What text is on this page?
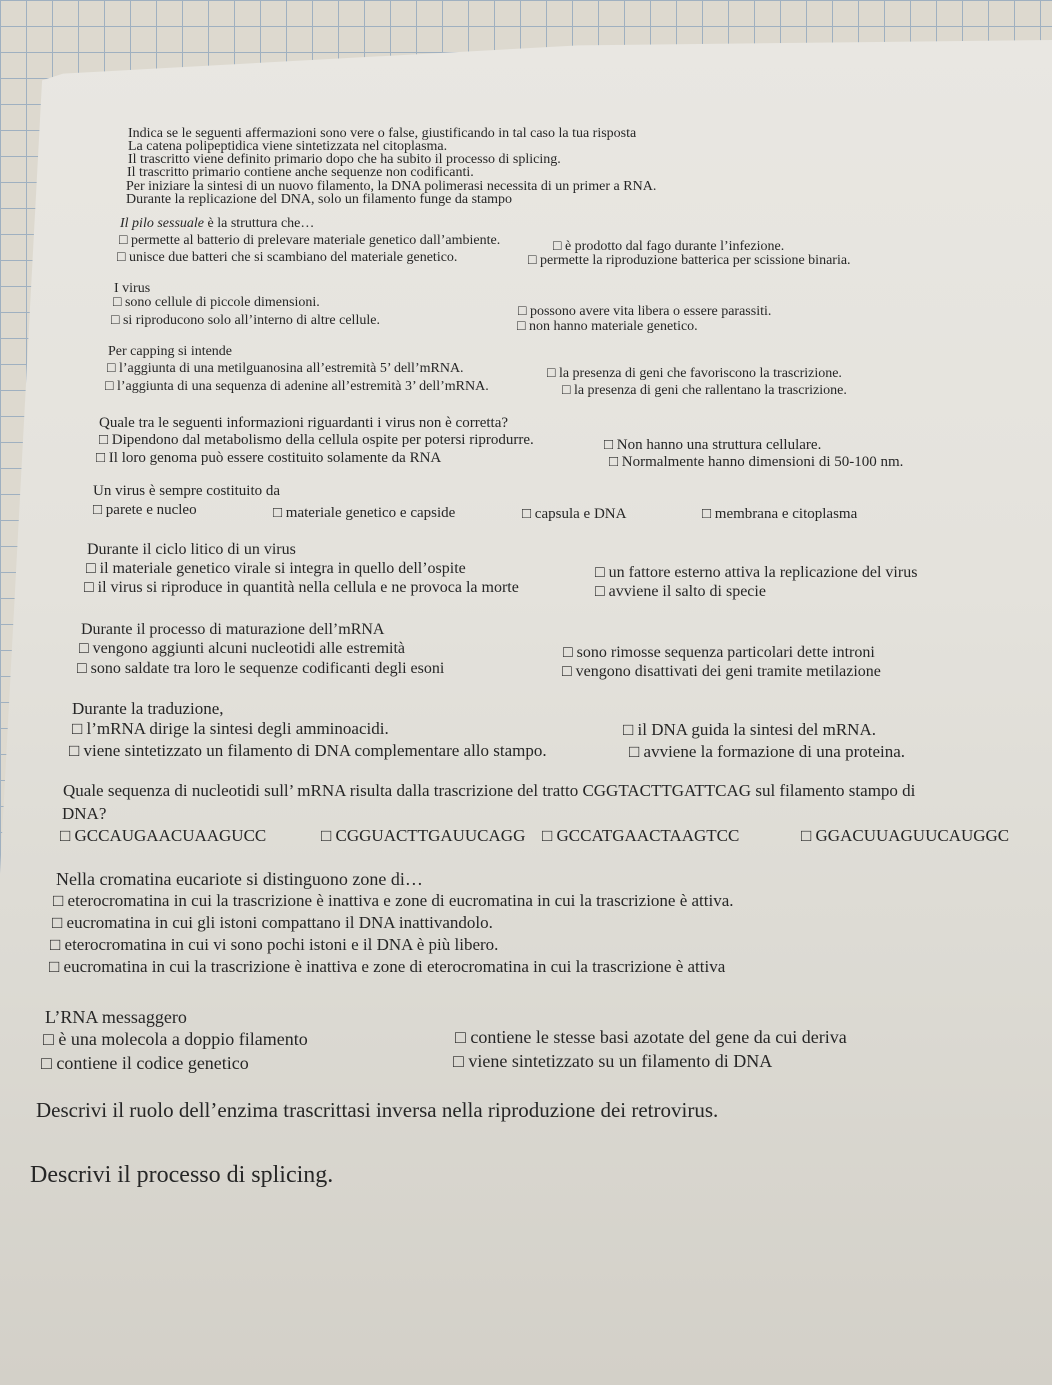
Indica se le seguenti affermazioni sono vere o false, giustificando in tal caso la tua risposta
La catena polipeptidica viene sintetizzata nel citoplasma.
Il trascritto viene definito primario dopo che ha subito il processo di splicing.
Il trascritto primario contiene anche sequenze non codificanti.
Per iniziare la sintesi di un nuovo filamento, la DNA polimerasi necessita di un primer a RNA.
Durante la replicazione del DNA, solo un filamento funge da stampo
Il pilo sessuale è la struttura che…
□ permette al batterio di prelevare materiale genetico dall’ambiente.	□ è prodotto dal fago durante l’infezione.
□ unisce due batteri che si scambiano del materiale genetico.	□ permette la riproduzione batterica per scissione binaria.
I virus
□ sono cellule di piccole dimensioni.
□ possono avere vita libera o essere parassiti.
□ si riproducono solo all’interno di altre cellule.	□ non hanno materiale genetico.
Per capping si intende
□ l’aggiunta di una metilguanosina all’estremità 5’ dell’mRNA.	□ la presenza di geni che favoriscono la trascrizione.
□ l’aggiunta di una sequenza di adenine all’estremità 3’ dell’mRNA.	□ la presenza di geni che rallentano la trascrizione.
Quale tra le seguenti informazioni riguardanti i virus non è corretta?
□ Dipendono dal metabolismo della cellula ospite per potersi riprodurre.	□ Non hanno una struttura cellulare.
□ Il loro genoma può essere costituito solamente da RNA	□ Normalmente hanno dimensioni di 50-100 nm.
Un virus è sempre costituito da
□ parete e nucleo	□ materiale genetico e capside	□ capsula e DNA	□ membrana e citoplasma
Durante il ciclo litico di un virus
□ il materiale genetico virale si integra in quello dell’ospite	□ un fattore esterno attiva la replicazione del virus
□ il virus si riproduce in quantità nella cellula e ne provoca la morte	□ avviene il salto di specie
Durante il processo di maturazione dell’mRNA
□ vengono aggiunti alcuni nucleotidi alle estremità	□ sono rimosse sequenza particolari dette introni
□ sono saldate tra loro le sequenze codificanti degli esoni	□ vengono disattivati dei geni tramite metilazione
Durante la traduzione,
□ l’mRNA dirige la sintesi degli amminoacidi.	□ il DNA guida la sintesi del mRNA.
□ viene sintetizzato un filamento di DNA complementare allo stampo.	□ avviene la formazione di una proteina.
Quale sequenza di nucleotidi sull’ mRNA risulta dalla trascrizione del tratto CGGTACTTGATTCAG sul filamento stampo di
DNA?
□ GCCAUGAACUAAGUCC	□ CGGUACTTGAUUCAGG □ GCCATGAACTAAGTCC	□ GGACUUAGUUCAUGGC
Nella cromatina eucariote si distinguono zone di…
□ eterocromatina in cui la trascrizione è inattiva e zone di eucromatina in cui la trascrizione è attiva.
□ eucromatina in cui gli istoni compattano il DNA inattivandolo.
□ eterocromatina in cui vi sono pochi istoni e il DNA è più libero.
□ eucromatina in cui la trascrizione è inattiva e zone di eterocromatina in cui la trascrizione è attiva
L’RNA messaggero
□ è una molecola a doppio filamento	□ contiene le stesse basi azotate del gene da cui deriva
□ contiene il codice genetico	□ viene sintetizzato su un filamento di DNA
Descrivi il ruolo dell’enzima trascrittasi inversa nella riproduzione dei retrovirus.
Descrivi il processo di splicing.
